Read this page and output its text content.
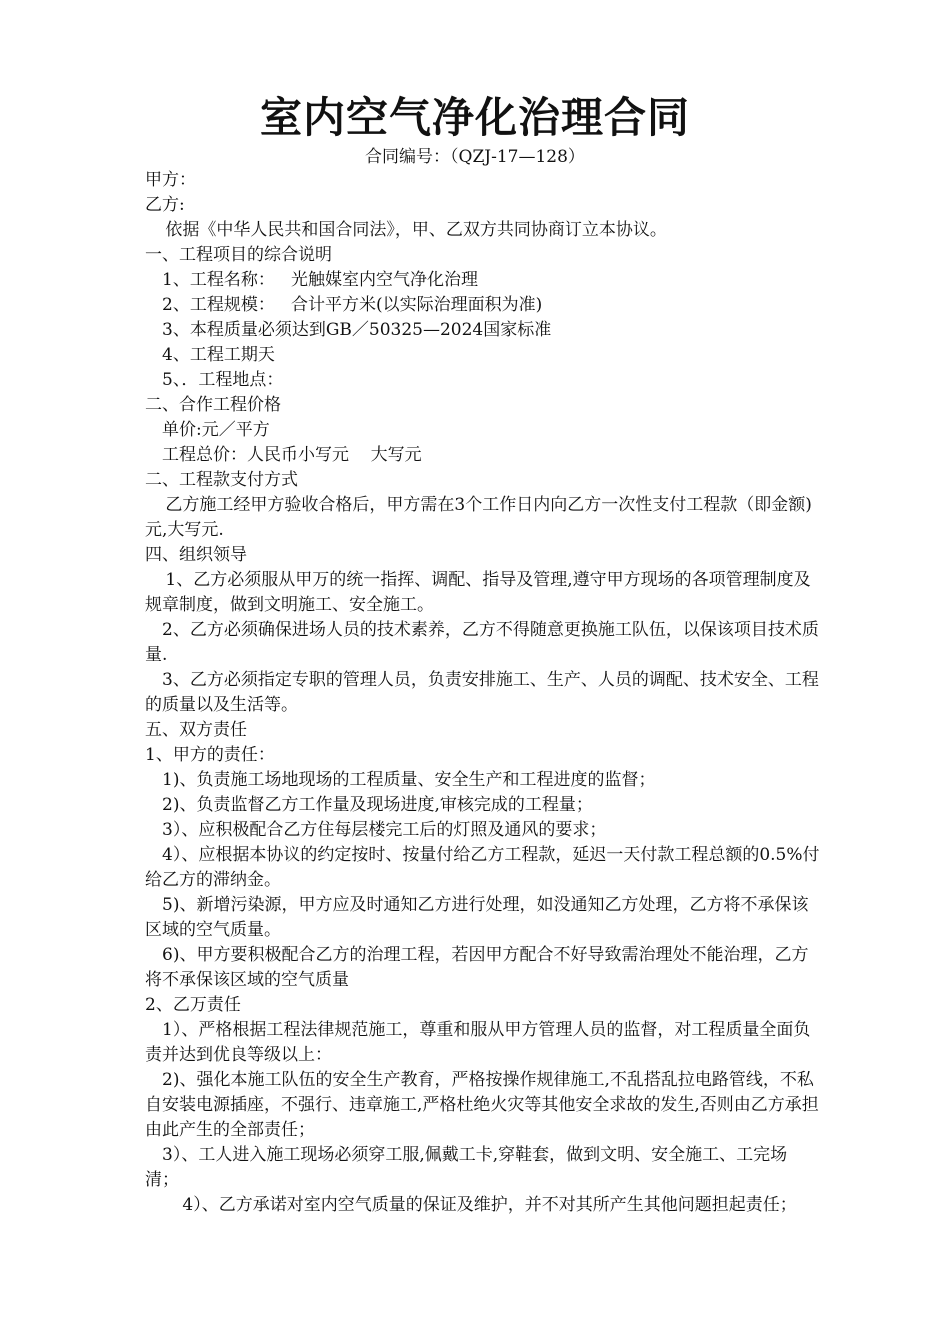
室内空气净化治理合同
合同编号：（QZJ-17—128）

甲方：

乙方:

依据《中华人民共和国合同法》，甲、乙双方共同协商订立本协议。

一、工程项目的综合说明

1、工程名称：   光触媒室内空气净化治理

2、工程规模：   合计平方米(以实际治理面积为准)

3、本程质量必须达到GB／50325—2024国家标准

4、工程工期天

5、．工程地点：

二、合作工程价格

单价:元／平方

工程总价：人民币小写元    大写元

二、工程款支付方式

乙方施工经甲方验收合格后，甲方需在3个工作日内向乙方一次性支付工程款（即金额)元,大写元.

四、组织领导

1、乙方必须服从甲万的统一指挥、调配、指导及管理,遵守甲方现场的各项管理制度及规章制度，做到文明施工、安全施工。

2、乙方必须确保进场人员的技术素养，乙方不得随意更换施工队伍，以保该项目技术质量.

3、乙方必须指定专职的管理人员，负责安排施工、生产、人员的调配、技术安全、工程的质量以及生活等。

五、双方责任

1、甲方的责任：

1)、负责施工场地现场的工程质量、安全生产和工程进度的监督；

2)、负责监督乙方工作量及现场进度,审核完成的工程量；

3）、应积极配合乙方住每层楼完工后的灯照及通风的要求；

4）、应根据本协议的约定按时、按量付给乙方工程款，延迟一天付款工程总额的0.5%付给乙方的滞纳金。

5)、新增污染源，甲方应及时通知乙方进行处理，如没通知乙方处理，乙方将不承保该区域的空气质量。

6)、甲方要积极配合乙方的治理工程，若因甲方配合不好导致需治理处不能治理，乙方将不承保该区域的空气质量

2、乙万责任

1）、严格根据工程法律规范施工，尊重和服从甲方管理人员的监督，对工程质量全面负责并达到优良等级以上：

2)、强化本施工队伍的安全生产教育，严格按操作规律施工,不乱搭乱拉电路管线，不私自安装电源插座，不强行、违章施工,严格杜绝火灾等其他安全求故的发生,否则由乙方承担由此产生的全部责任；

3）、工人进入施工现场必须穿工服,佩戴工卡,穿鞋套，做到文明、安全施工、工完场清；

4）、乙方承诺对室内空气质量的保证及维护，并不对其所产生其他问题担起责任；
